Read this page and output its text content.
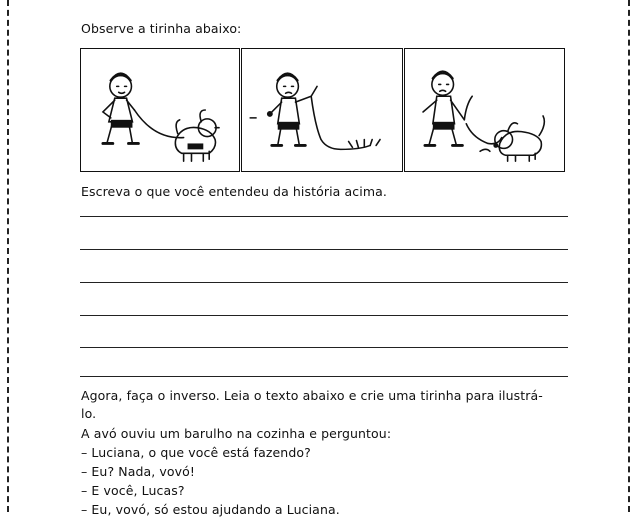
Observe a tirinha abaixo:
Escreva o que você entendeu da história acima.
Agora, faça o inverso. Leia o texto abaixo e crie uma tirinha para ilustrá-
lo.
A avó ouviu um barulho na cozinha e perguntou:
– Luciana, o que você está fazendo?
– Eu? Nada, vovó!
– E você, Lucas?
– Eu, vovó, só estou ajudando a Luciana.
